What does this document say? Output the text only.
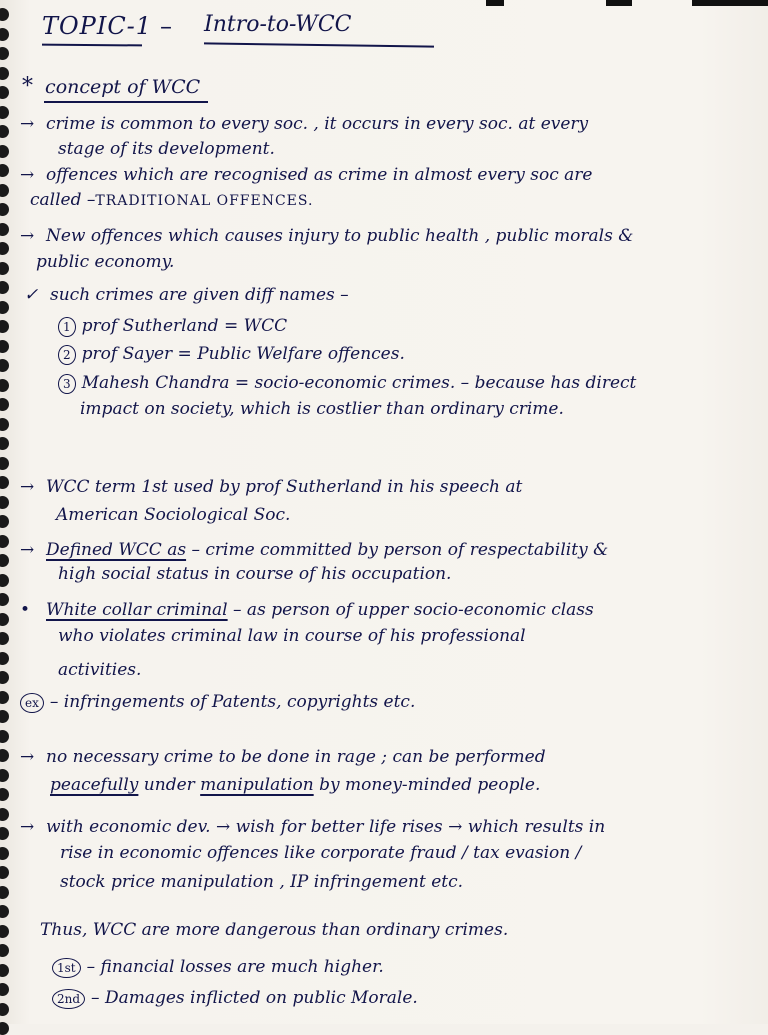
TOPIC-1 – Intro-to-WCC
* concept of WCC
→ crime is common to every soc. , it occurs in every soc. at every
stage of its development.
→ offences which are recognised as crime in almost every soc are
called –TRADITIONAL OFFENCES.
→ New offences which causes injury to public health , public morals &
public economy.
✓ such crimes are given diff names –
1 prof Sutherland = WCC
2 prof Sayer = Public Welfare offences.
3 Mahesh Chandra = socio-economic crimes. – because has direct
impact on society, which is costlier than ordinary crime.
→ WCC term 1st used by prof Sutherland in his speech at
American Sociological Soc.
→ Defined WCC as – crime committed by person of respectability &
high social status in course of his occupation.
• White collar criminal – as person of upper socio-economic class
who violates criminal law in course of his professional
activities.
ex – infringements of Patents, copyrights etc.
→ no necessary crime to be done in rage ; can be performed
peacefully under manipulation by money-minded people.
→ with economic dev. → wish for better life rises → which results in
rise in economic offences like corporate fraud / tax evasion /
stock price manipulation , IP infringement etc.
Thus, WCC are more dangerous than ordinary crimes.
1st – financial losses are much higher.
2nd – Damages inflicted on public Morale.
